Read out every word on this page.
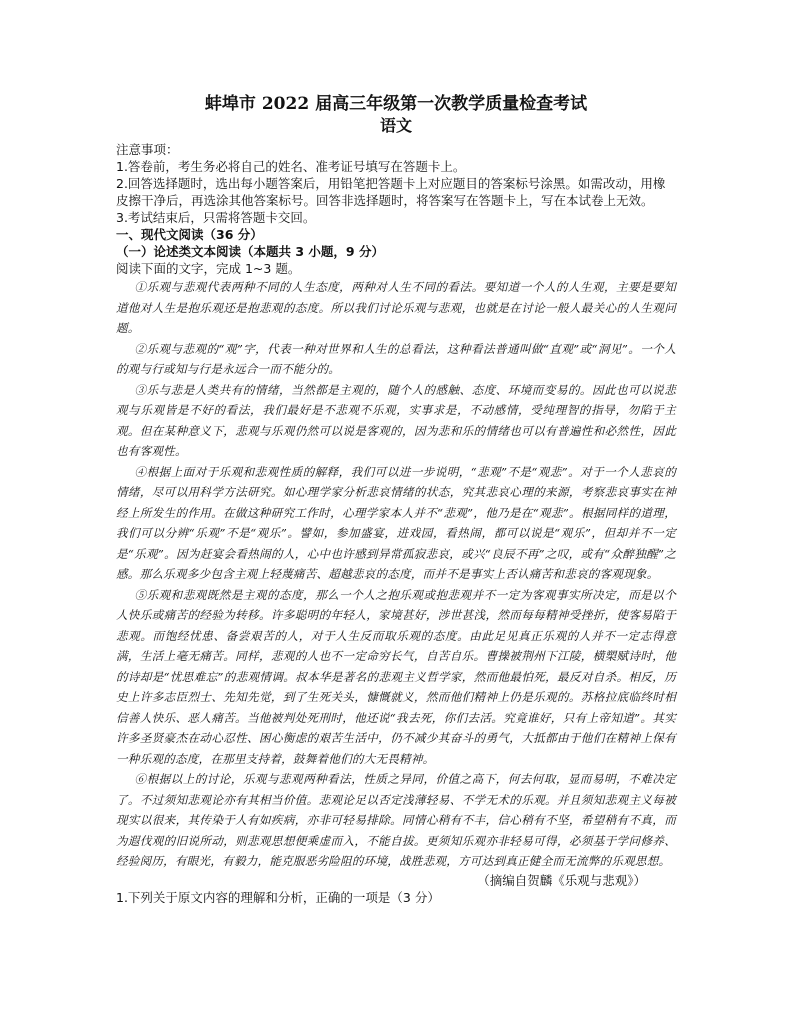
蚌埠市 2022 届高三年级第一次教学质量检查考试

语文

注意事项：

1.答卷前，考生务必将自己的姓名、准考证号填写在答题卡上。

2.回答选择题时，选出每小题答案后，用铅笔把答题卡上对应题目的答案标号涂黑。如需改动，用橡皮擦干净后，再选涂其他答案标号。回答非选择题时，将答案写在答题卡上，写在本试卷上无效。

3.考试结束后，只需将答题卡交回。

一、现代文阅读（36 分）

（一）论述类文本阅读（本题共 3 小题，9 分）

阅读下面的文字，完成 1~3 题。

①乐观与悲观代表两种不同的人生态度，两种对人生不同的看法。要知道一个人的人生观，主要是要知道他对人生是抱乐观还是抱悲观的态度。所以我们讨论乐观与悲观，也就是在讨论一般人最关心的人生观问题。

②乐观与悲观的“观”字，代表一种对世界和人生的总看法，这种看法普通叫做“直观”或“洞见”。一个人的观与行或知与行是永远合一而不能分的。

③乐与悲是人类共有的情绪，当然都是主观的，随个人的感触、态度、环境而变易的。因此也可以说悲观与乐观皆是不好的看法，我们最好是不悲观不乐观，实事求是，不动感情，受纯理智的指导，勿陷于主观。但在某种意义下，悲观与乐观仍然可以说是客观的，因为悲和乐的情绪也可以有普遍性和必然性，因此也有客观性。

④根据上面对于乐观和悲观性质的解释，我们可以进一步说明，“悲观”不是“观悲”。对于一个人悲哀的情绪，尽可以用科学方法研究。如心理学家分析悲哀情绪的状态，究其悲哀心理的来源，考察悲哀事实在神经上所发生的作用。在做这种研究工作时，心理学家本人并不“悲观”，他乃是在“观悲”。根据同样的道理，我们可以分辨“乐观”不是“观乐”。譬如，参加盛宴，进戏园，看热闹，都可以说是“观乐”，但却并不一定是“乐观”。因为赶宴会看热闹的人，心中也许感到异常孤寂悲哀，或兴“良辰不再”之叹，或有“众醉独醒”之感。那么乐观多少包含主观上轻蔑痛苦、超越悲哀的态度，而并不是事实上否认痛苦和悲哀的客观现象。

⑤乐观和悲观既然是主观的态度，那么一个人之抱乐观或抱悲观并不一定为客观事实所决定，而是以个人快乐或痛苦的经验为转移。许多聪明的年轻人，家境甚好，涉世甚浅，然而每每精神受挫折，使客易陷于悲观。而饱经忧患、备尝艰苦的人，对于人生反而取乐观的态度。由此足见真正乐观的人并不一定志得意满，生活上毫无痛苦。同样，悲观的人也不一定命穷长气，自苦自乐。曹操被荆州下江陵，横槊赋诗时，他的诗却是“忧思难忘”的悲观情调。叔本华是著名的悲观主义哲学家，然而他最怕死，最反对自杀。相反，历史上许多志臣烈士、先知先觉，到了生死关头，慷慨就义，然而他们精神上仍是乐观的。苏格拉底临终时相信善人快乐、恶人痛苦。当他被判处死刑时，他还说“我去死，你们去活。究竟谁好，只有上帝知道”。其实许多圣贤豪杰在动心忍性、困心衡虑的艰苦生活中，仍不减少其奋斗的勇气，大抵都由于他们在精神上保有一种乐观的态度，在那里支持着，鼓舞着他们的大无畏精神。

⑥根据以上的讨论，乐观与悲观两种看法，性质之异同，价值之高下，何去何取，显而易明，不难决定了。不过须知悲观论亦有其相当价值。悲观论足以否定浅薄轻易、不学无术的乐观。并且须知悲观主义每被现实以很来，其传染于人有如疾病，亦非可轻易排除。同情心稍有不丰，信心稍有不坚，希望稍有不真，而为遐伐观的旧说所动，则悲观思想便乘虚而入，不能自拔。更须知乐观亦非轻易可得，必须基于学问修养、经验阅历，有眼光，有毅力，能克服恶劣险阻的环境，战胜悲观，方可达到真正健全而无流弊的乐观思想。

（摘编自贺麟《乐观与悲观》）

1.下列关于原文内容的理解和分析，正确的一项是（3 分）
